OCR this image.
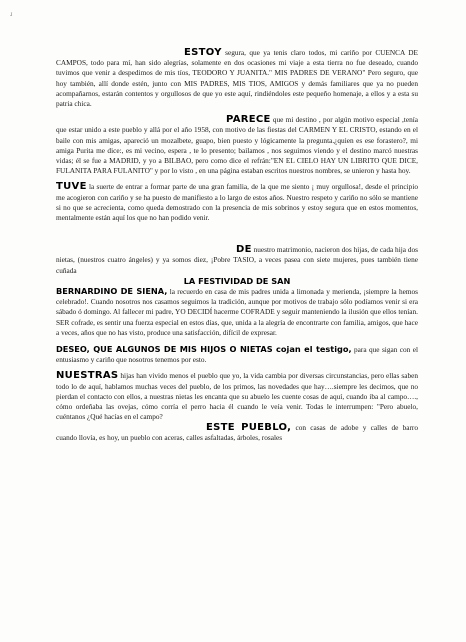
ɹ

ESTOY segura, que ya tenis claro todos, mi cariño por CUENCA DE CAMPOS, todo para mí, han sido alegrías, solamente en dos ocasiones mi viaje a esta tierra no fue deseado, cuando tuvimos que venir a despedimos de mis tíos, TEODORO Y JUANITA." MIS PADRES DE VERANO" Pero seguro, que hoy también, allí donde estén, junto con MIS PADRES, MIS TIOS, AMIGOS y demás familiares que ya no pueden acompañarnos, estarán contentos y orgullosos de que yo este aquí, rindiéndoles este pequeño homenaje, a ellos y a esta su patria chica.

PARECE que mi destino , por algún motivo especial ,tenía que estar unido a este pueblo y allá por el año 1958, con motivo de las fiestas del CARMEN Y EL CRISTO, estando en el baile con mis amigas, apareció un mozalbete, guapo, bien puesto y lógicamente la pregunta.¿quien es ese forastero?, mi amiga Purita me dice:, es mi vecino, espera , te lo presento; bailamos , nos seguimos viendo y el destino marcó nuestras vidas; él se fue a MADRID, y yo a BILBAO, pero como dice el refrán:"EN EL CIELO HAY UN LIBRITO QUE DICE, FULANITA PARA FULANITO" y por lo visto , en una página estaban escritos nuestros nombres, se unieron y hasta hoy.

TUVE la suerte de entrar a formar parte de una gran familia, de la que me siento ¡ muy orgullosa!, desde el principio me acogieron con cariño y se ha puesto de manifiesto a lo largo de estos años. Nuestro respeto y cariño no sólo se mantiene si no que se acrecienta, como queda demostrado con la presencia de mis sobrinos y estoy segura que en estos momentos, mentalmente están aquí los que no han podido venir.

DE nuestro matrimonio, nacieron dos hijas, de cada hija dos nietas, (nuestros cuatro ángeles) y ya somos diez, ¡Pobre TASIO, a veces pasea con siete mujeres, pues también tiene cuñada

LA FESTIVIDAD DE SAN

BERNARDINO DE SIENA, la recuerdo en casa de mis padres unida a limonada y merienda, ¡siempre la hemos celebrado!. Cuando nosotros nos casamos seguimos la tradición, aunque por motivos de trabajo sólo podíamos venir si era sábado ó domingo. Al fallecer mi padre, YO DECIDÍ hacerme COFRADE y seguir manteniendo la ilusión que ellos tenían. SER cofrade, es sentir una fuerza especial en estos días, que, unida a la alegría de encontrarte con familia, amigos, que hace a veces, años que no has visto, produce una satisfacción, difícil de expresar.

DESEO, QUE ALGUNOS DE MIS HIJOS O NIETAS cojan el testigo, para que sigan con el entusiasmo y cariño que nosotros tenemos por esto.

NUESTRAS hijas han vivido menos el pueblo que yo, la vida cambia por diversas circunstancias, pero ellas saben todo lo de aquí, hablamos muchas veces del pueblo, de los primos, las novedades que hay….siempre les decimos, que no pierdan el contacto con ellos, a nuestras nietas les encanta que su abuelo les cuente cosas de aquí, cuando iba al campo…., cómo ordeñaba las ovejas, cómo corría el perro hacia él cuando le veía venir. Todas le interrumpen: "Pero abuelo, cuéntanos ¿Qué hacías en el campo?

ESTE PUEBLO, con casas de adobe y calles de barro cuando llovía, es hoy, un pueblo con aceras, calles asfaltadas, árboles, rosales
